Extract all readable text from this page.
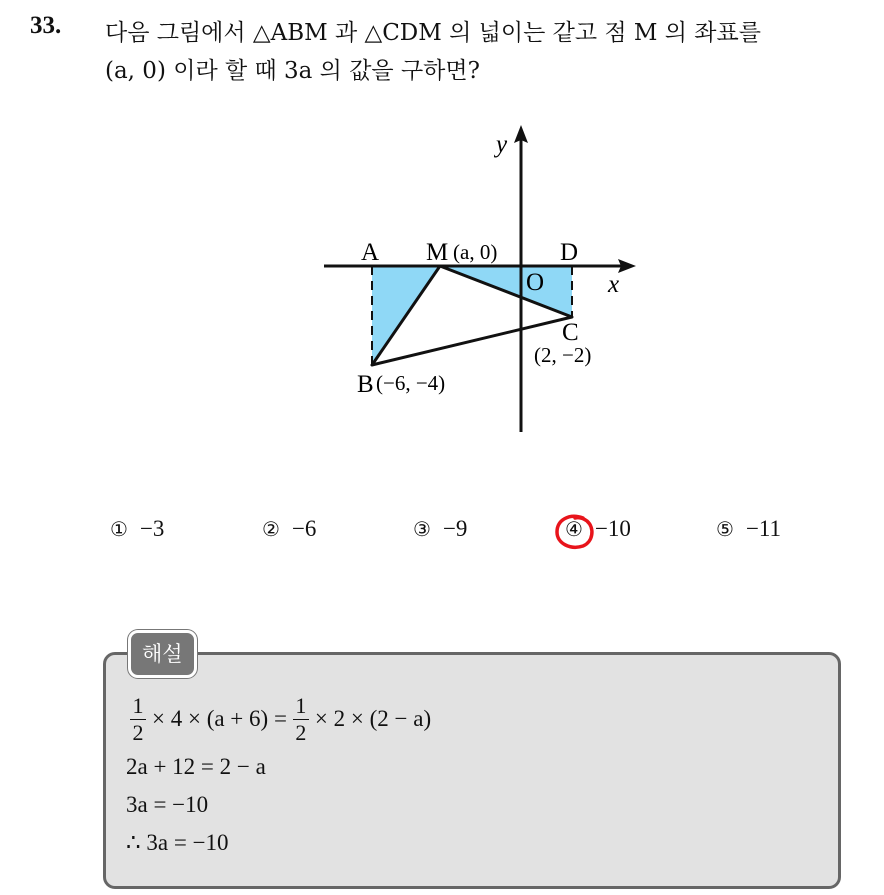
33. 다음 그림에서 △ABM 과 △CDM 의 넓이는 같고 점 M 의 좌표를
(a, 0) 이라 할 때 3a 의 값을 구하면?
y
x
A M (a, 0)	D
O
C
(2, −2)
B (−6, −4)
① −3	② −6	③ −9	④ −10	⑤ −11
해설
$\frac{1}{2} \times 4 \times (a + 6) = \frac{1}{2} \times 2 \times (2 - a)$
2a + 12 = 2 − a
3a = −10
∴ 3a = −10
